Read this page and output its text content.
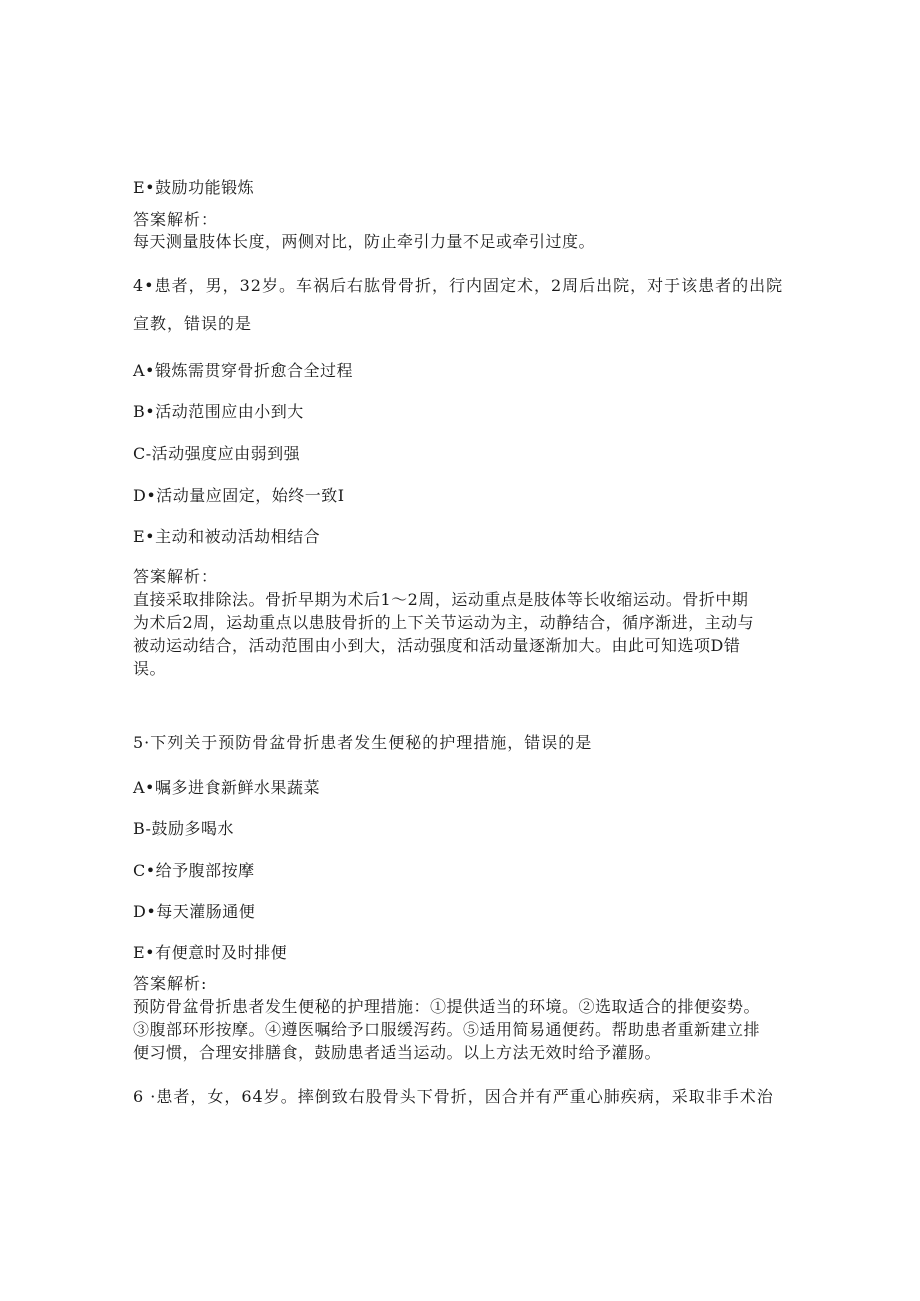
E•鼓励功能锻炼
答案解析：
每天测量肢体长度，两侧对比，防止牵引力量不足或牵引过度。
4•患者，男，32岁。车祸后右肱骨骨折，行内固定术，2周后出院，对于该患者的出院
宣教，错误的是
A•锻炼需贯穿骨折愈合全过程
B•活动范围应由小到大
C-活动强度应由弱到强
D•活动量应固定，始终一致I
E•主动和被动活劫相结合
答案解析：
直接采取排除法。骨折早期为术后1～2周，运动重点是肢体等长收缩运动。骨折中期
为术后2周，运劫重点以患肢骨折的上下关节运动为主，动静结合，循序渐进，主动与
被动运动结合，活动范围由小到大，活动强度和活动量逐渐加大。由此可知选项D错
误。
5·下列关于预防骨盆骨折患者发生便秘的护理措施，错误的是
A•嘱多进食新鲜水果蔬菜
B-鼓励多喝水
C•给予腹部按摩
D•每天灌肠通便
E•有便意时及时排便
答案解析:
预防骨盆骨折患者发生便秘的护理措施：①提供适当的环境。②选取适合的排便姿势。
③腹部环形按摩。④遵医嘱给予口服缓泻药。⑤适用简易通便药。帮助患者重新建立排
便习惯，合理安排膳食，鼓励患者适当运动。以上方法无效时给予灌肠。
6 ·患者，女，64岁。摔倒致右股骨头下骨折，因合并有严重心肺疾病，采取非手术治
